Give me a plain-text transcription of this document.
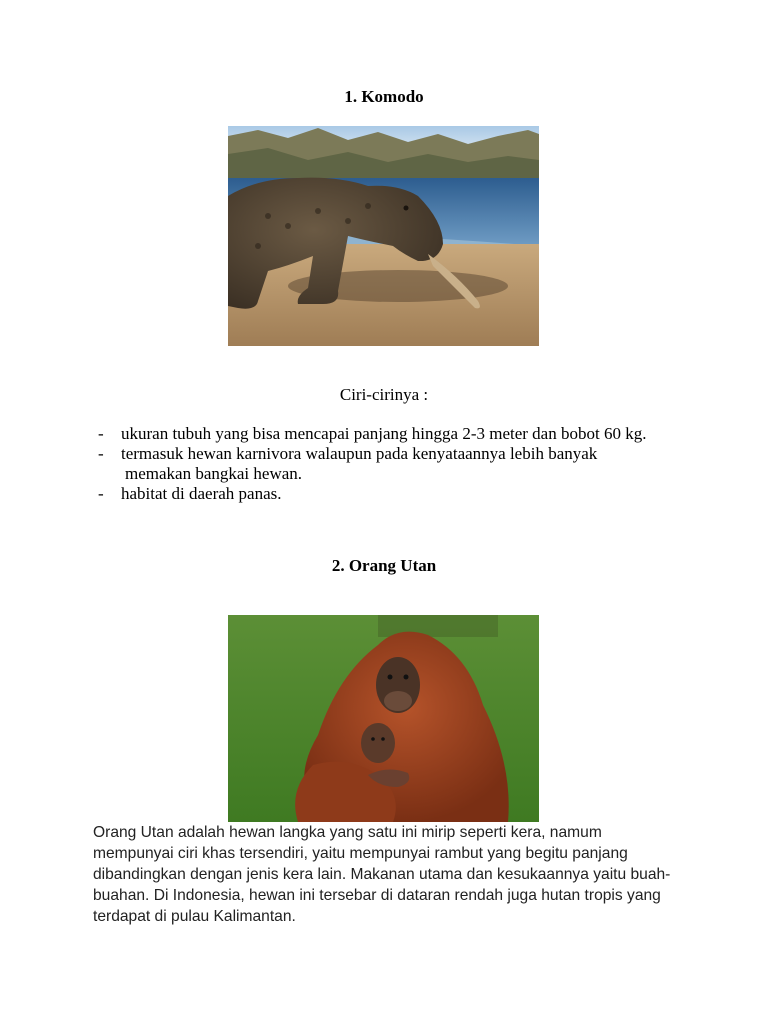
1. Komodo
Ciri-cirinya :
- ukuran tubuh yang bisa mencapai panjang hingga 2-3 meter dan bobot 60 kg.
- termasuk hewan karnivora walaupun pada kenyataannya lebih banyak
memakan bangkai hewan.
- habitat di daerah panas.
2. Orang Utan
Orang Utan adalah hewan langka yang satu ini mirip seperti kera, namum mempunyai ciri khas tersendiri, yaitu mempunyai rambut yang begitu panjang dibandingkan dengan jenis kera lain. Makanan utama dan kesukaannya yaitu buah-buahan. Di Indonesia, hewan ini tersebar di dataran rendah juga hutan tropis yang terdapat di pulau Kalimantan.
